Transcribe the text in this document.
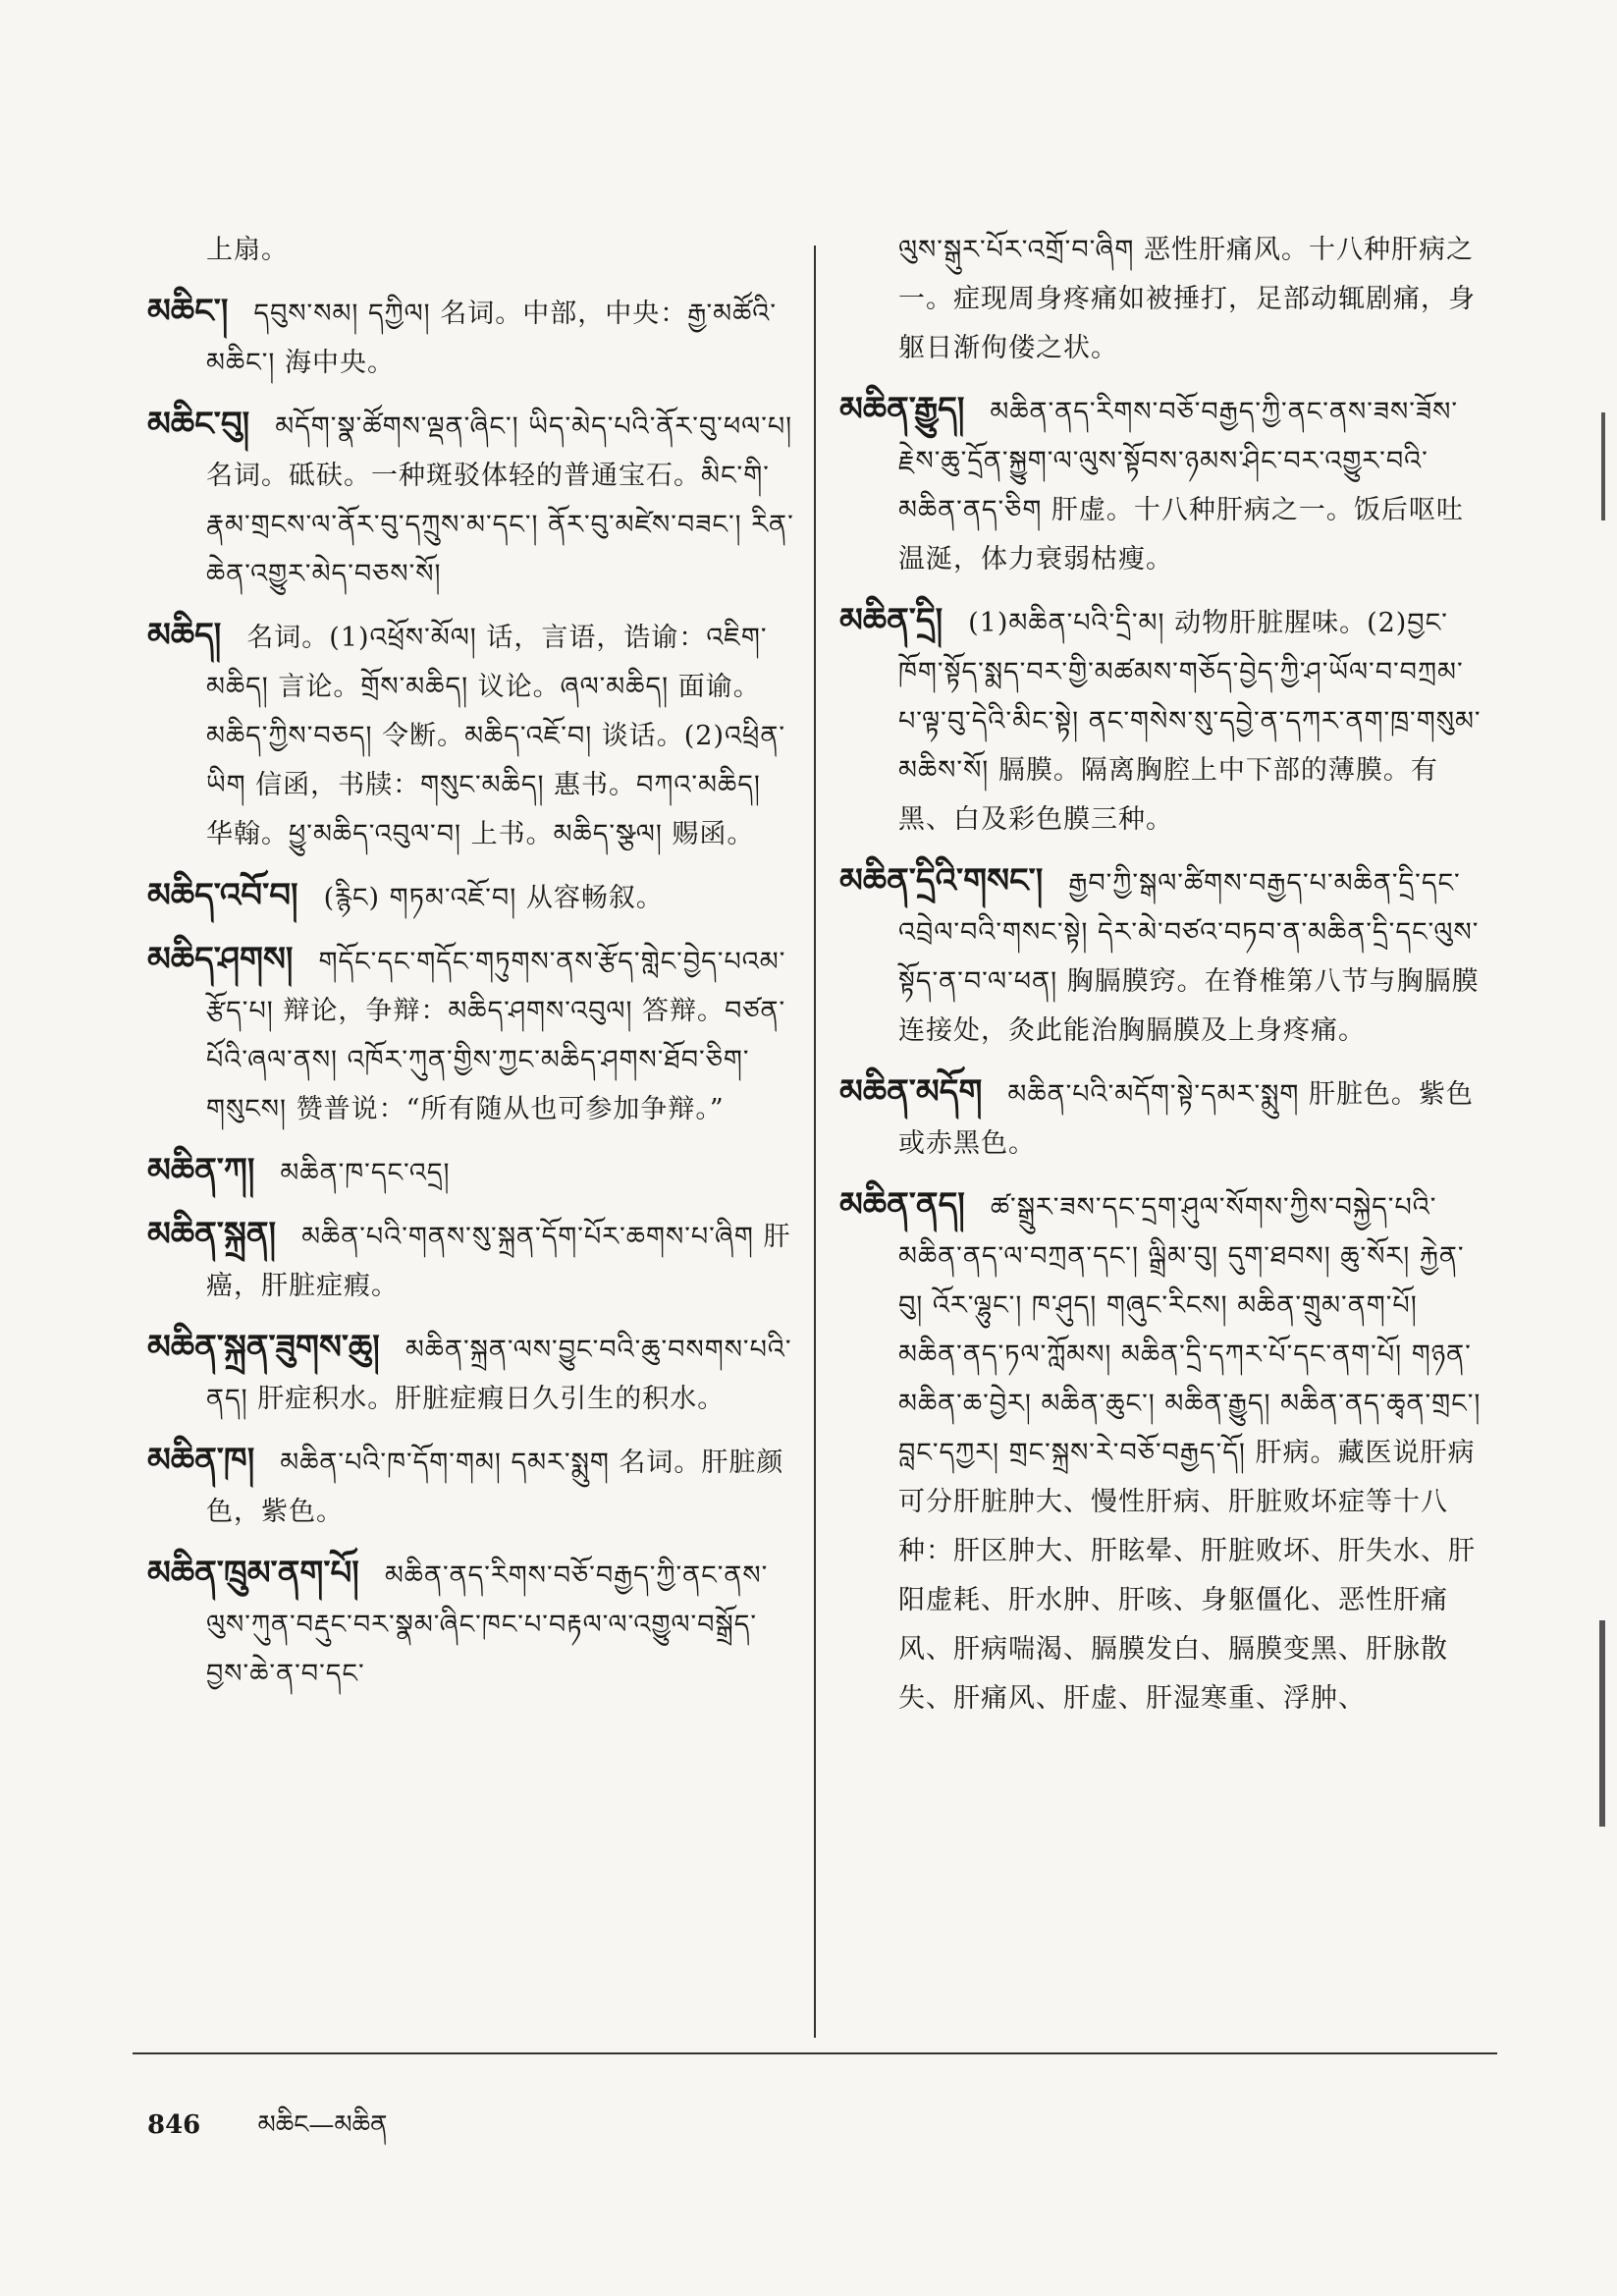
上扇。
མཆིང་། དབུས་སམ། དཀྱིལ། 名词。中部，中央：རྒྱ་མཚོའི་མཆིང་། 海中央。
མཆིང་བུ། མདོག་སྣ་ཚོགས་ལྡན་ཞིང་། ཡིད་མེད་པའི་ནོར་བུ་ཕལ་པ། 名词。砥砆。一种斑驳体轻的普通宝石。མིང་གི་རྣམ་གྲངས་ལ་ནོར་བུ་དཀྲུས་མ་དང་། ནོར་བུ་མཛེས་བཟང་། རིན་ཆེན་འགྱུར་མེད་བཅས་སོ།
མཆིད། 名词。(1)འཕྲོས་མོལ། 话，言语，诰谕：འཇིག་མཆིད། 言论。གྲོས་མཆིད། 议论。ཞལ་མཆིད། 面谕。མཆིད་ཀྱིས་བཅད། 令断。མཆིད་འཇོ་བ། 谈话。(2)འཕྲིན་ཡིག 信函，书牍：གསུང་མཆིད། 惠书。བཀའ་མཆིད། 华翰。ཕྱུ་མཆིད་འབུལ་བ། 上书。མཆིད་སྩལ། 赐函。
མཆིད་འབོ་བ། (རྙིང) གཏམ་འཇོ་བ། 从容畅叙。
མཆིད་ཤགས། གདོང་དང་གདོང་གཏུགས་ནས་རྩོད་གླེང་བྱེད་པའམ་རྩོད་པ། 辩论，争辩：མཆིད་ཤགས་འབུལ། 答辩。བཙན་པོའི་ཞལ་ནས། འཁོར་ཀུན་གྱིས་ཀྱང་མཆིད་ཤགས་ཐོབ་ཅིག་གསུངས། 赞普说：“所有随从也可参加争辩。”
མཆིན་ཀ། མཆིན་ཁ་དང་འདྲ།
མཆིན་སྐྲན། མཆིན་པའི་གནས་སུ་སྐྲན་དོག་པོར་ཆགས་པ་ཞིག 肝癌，肝脏症瘕。
མཆིན་སྐྲན་ཟུགས་ཆུ། མཆིན་སྐྲན་ལས་བྱུང་བའི་ཆུ་བསགས་པའི་ནད། 肝症积水。肝脏症瘕日久引生的积水。
མཆིན་ཁ། མཆིན་པའི་ཁ་དོག་གམ། དམར་སྨུག 名词。肝脏颜色，紫色。
མཆིན་ཁྲུམ་ནག་པོ། མཆིན་ནད་རིགས་བཅོ་བརྒྱད་ཀྱི་ནང་ནས་ལུས་ཀུན་བརྡུང་བར་སྣམ་ཞིང་ཁང་པ་བརྟལ་ལ་འགྱུལ་བསྒྲོད་བྱས་ཆེ་ན་བ་དང་
ལུས་སྒུར་པོར་འགྲོ་བ་ཞིག 恶性肝痛风。十八种肝病之一。症现周身疼痛如被捶打，足部动辄剧痛，身躯日渐佝偻之状。
མཆིན་རྒྱུད། མཆིན་ནད་རིགས་བཅོ་བརྒྱད་ཀྱི་ནང་ནས་ཟས་ཟོས་རྗེས་ཆུ་དྲོན་སྐྱུག་ལ་ལུས་སྟོབས་ཉམས་ཤིང་བར་འགྱུར་བའི་མཆིན་ནད་ཅིག 肝虚。十八种肝病之一。饭后呕吐温涎，体力衰弱枯瘦。
མཆིན་དྲི། (1)མཆིན་པའི་དྲི་མ། 动物肝脏腥味。(2)བྱང་ཁོག་སྟོད་སྨད་བར་གྱི་མཚམས་གཅོད་བྱེད་ཀྱི་ཤ་ཡོལ་བ་བཀྲམ་པ་ལྟ་བུ་དེའི་མིང་སྟེ། ནང་གསེས་སུ་དབྱེ་ན་དཀར་ནག་ཁྲ་གསུམ་མཆིས་སོ། 膈膜。隔离胸腔上中下部的薄膜。有黑、白及彩色膜三种。
མཆིན་དྲིའི་གསང་། རྒྱབ་ཀྱི་སྒལ་ཚིགས་བརྒྱད་པ་མཆིན་དྲི་དང་འབྲེལ་བའི་གསང་སྟེ། དེར་མེ་བཙའ་བཏབ་ན་མཆིན་དྲི་དང་ལུས་སྟོད་ན་བ་ལ་ཕན། 胸膈膜窍。在脊椎第八节与胸膈膜连接处，灸此能治胸膈膜及上身疼痛。
མཆིན་མདོག མཆིན་པའི་མདོག་སྟེ་དམར་སྨུག 肝脏色。紫色或赤黑色。
མཆིན་ནད། ཚ་སྒྲུར་ཟས་དང་དྲག་ཤུལ་སོགས་ཀྱིས་བསྐྱེད་པའི་མཆིན་ནད་ལ་བཀྲན་དང་། ལྒྲིམ་བུ། དུག་ཐབས། ཆུ་སོར། རྐྱེན་བུ། འོར་ལྷུང་། ཁ་ཤུད། གཞུང་རིངས། མཆིན་གྲུམ་ནག་པོ། མཆིན་ནད་ཏལ་ཀློམས། མཆིན་དྲི་དཀར་པོ་དང་ནག་པོ། གཉན་མཆིན་ཆ་བྱེར། མཆིན་ཆུང་། མཆིན་རྒྱུད། མཆིན་ནད་ཆྭན་གྲང་། བླང་དཀྱར། གྲང་སྐྲས་རེ་བཅོ་བརྒྱད་དོ། 肝病。藏医说肝病可分肝脏肿大、慢性肝病、肝脏败坏症等十八种：肝区肿大、肝眩晕、肝脏败坏、肝失水、肝阳虚耗、肝水肿、肝咳、身躯僵化、恶性肝痛风、肝病喘渴、膈膜发白、膈膜变黑、肝脉散失、肝痛风、肝虚、肝湿寒重、浮肿、
846 མཆིང—མཆིན
